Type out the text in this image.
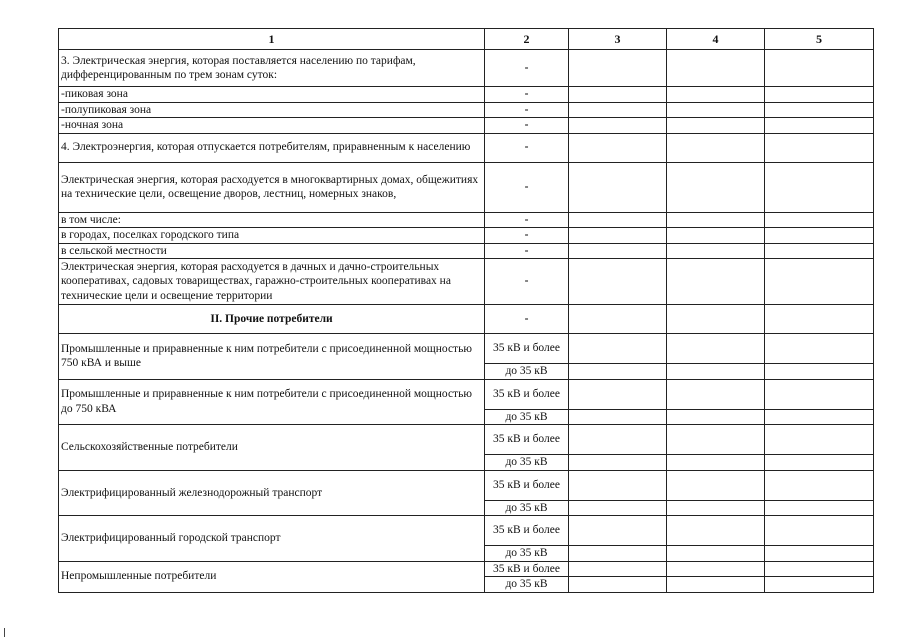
1	2	3	4	5
3. Электрическая энергия, которая поставляется населению по тарифам, дифференцированным по трем зонам суток:	-			
-пиковая зона	-			
-полупиковая зона	-			
-ночная зона	-			
4. Электроэнергия, которая отпускается потребителям, приравненным к населению	-			
Электрическая энергия, которая расходуется в многоквартирных домах, общежитиях на технические цели, освещение дворов, лестниц, номерных знаков,	-			
в том числе:	-			
в городах, поселках городского типа	-			
в сельской местности	-			
Электрическая энергия, которая расходуется в дачных и дачно-строительных кооперативах, садовых товариществах, гаражно-строительных кооперативах на технические цели и освещение территории	-			
II. Прочие потребители	-			
Промышленные и приравненные к ним потребители с присоединенной мощностью 750 кВА и выше	35 кВ и более			
	до 35 кВ			
Промышленные и приравненные к ним потребители с присоединенной мощностью до 750 кВА	35 кВ и более			
	до 35 кВ			
Сельскохозяйственные потребители	35 кВ и более			
	до 35 кВ			
Электрифицированный железнодорожный транспорт	35 кВ и более			
	до 35 кВ			
Электрифицированный городской транспорт	35 кВ и более			
	до 35 кВ			
Непромышленные потребители	35 кВ и более			
	до 35 кВ			
